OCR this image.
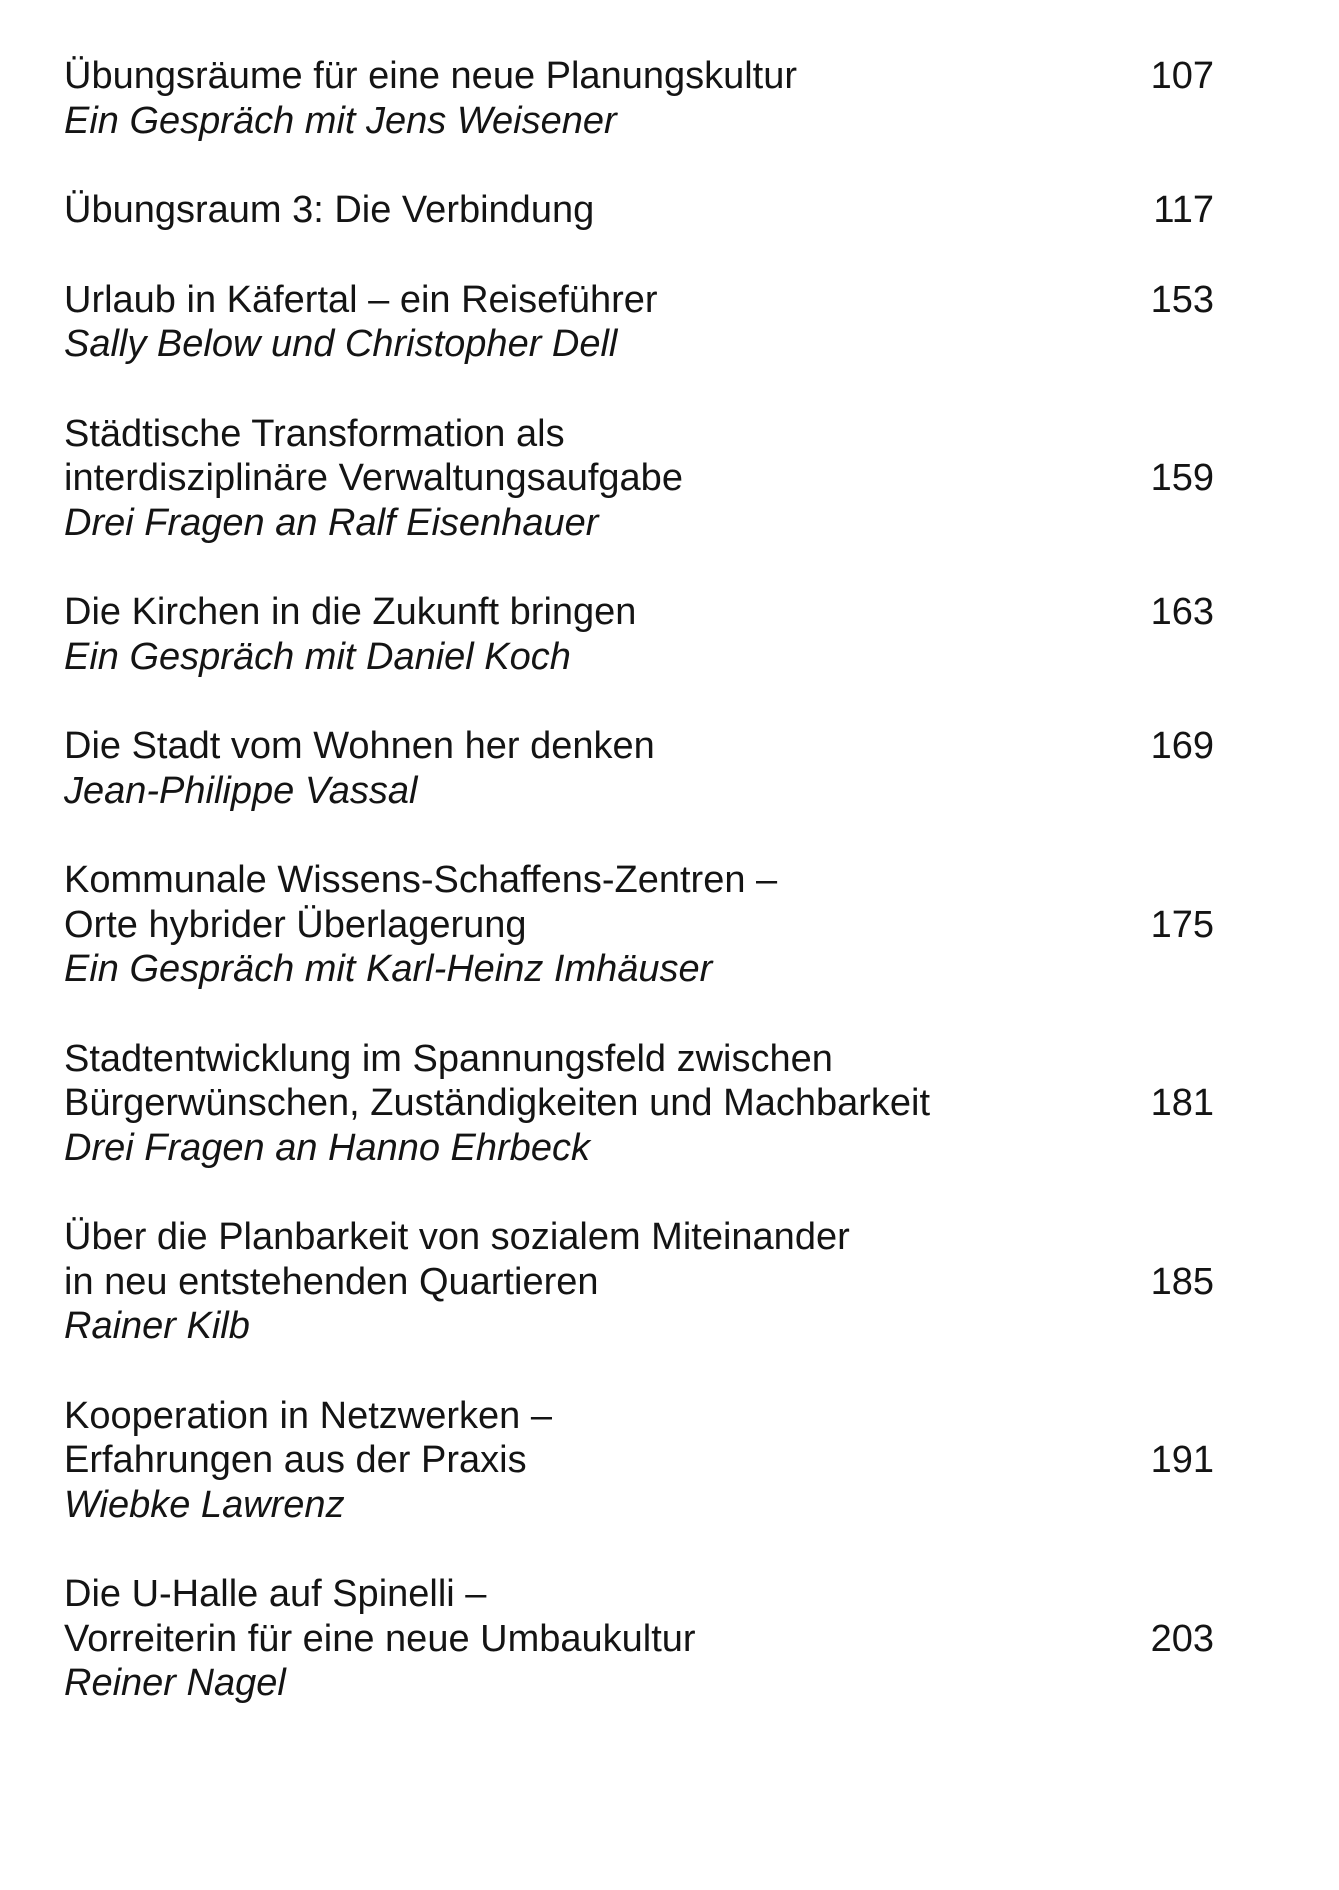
107
Übungsräume für eine neue Planungskultur
Ein Gespräch mit Jens Weisener
117
Übungsraum 3: Die Verbindung
153
Urlaub in Käfertal – ein Reiseführer
Sally Below und Christopher Dell
159
Städtische Transformation als
interdisziplinäre Verwaltungsaufgabe
Drei Fragen an Ralf Eisenhauer
163
Die Kirchen in die Zukunft bringen
Ein Gespräch mit Daniel Koch
169
Die Stadt vom Wohnen her denken
Jean-Philippe Vassal
175
Kommunale Wissens-Schaffens-Zentren –
Orte hybrider Überlagerung
Ein Gespräch mit Karl-Heinz Imhäuser
181
Stadtentwicklung im Spannungsfeld zwischen
Bürgerwünschen, Zuständigkeiten und Machbarkeit
Drei Fragen an Hanno Ehrbeck
185
Über die Planbarkeit von sozialem Miteinander
in neu entstehenden Quartieren
Rainer Kilb
191
Kooperation in Netzwerken –
Erfahrungen aus der Praxis
Wiebke Lawrenz
203
Die U-Halle auf Spinelli –
Vorreiterin für eine neue Umbaukultur
Reiner Nagel
